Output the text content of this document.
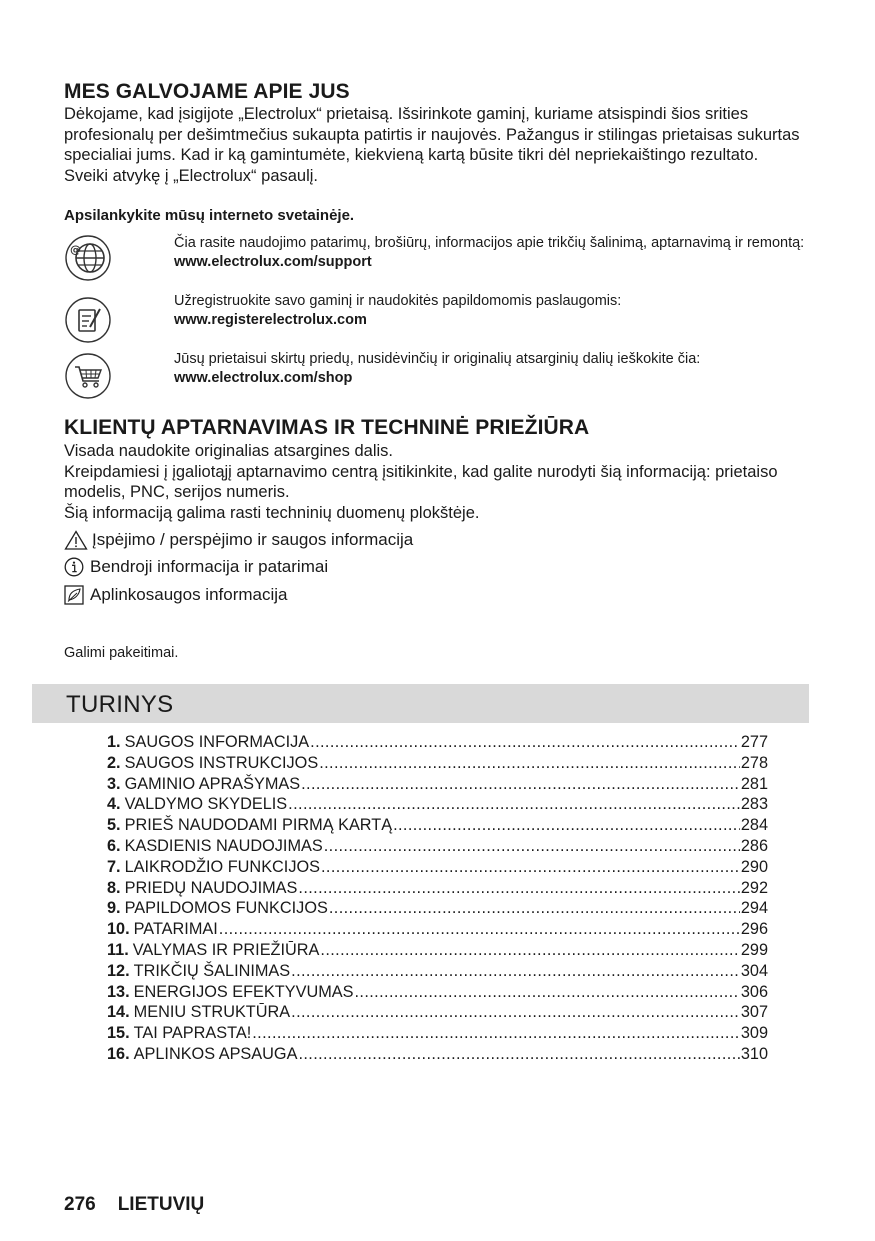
MES GALVOJAME APIE JUS

Dėkojame, kad įsigijote „Electrolux“ prietaisą. Išsirinkote gaminį, kuriame atsispindi šios srities profesionalų per dešimtmečius sukaupta patirtis ir naujovės. Pažangus ir stilingas prietaisas sukurtas specialiai jums. Kad ir ką gamintumėte, kiekvieną kartą būsite tikri dėl nepriekaištingo rezultato.

Sveiki atvykę į „Electrolux“ pasaulį.

Apsilankykite mūsų interneto svetainėje.
@	Čia rasite naudojimo patarimų, brošiūrų, informacijos apie trikčių šalinimą, aptarnavimą ir remontą:
www.electrolux.com/support
Užregistruokite savo gaminį ir naudokitės papildomomis paslaugomis:
www.registerelectrolux.com
Jūsų prietaisui skirtų priedų, nusidėvinčių ir originalių atsarginių dalių ieškokite čia:
www.electrolux.com/shop
KLIENTŲ APTARNAVIMAS IR TECHNINĖ PRIEŽIŪRA

Visada naudokite originalias atsargines dalis.

Kreipdamiesi į įgaliotąjį aptarnavimo centrą įsitikinkite, kad galite nurodyti šią informaciją: prietaiso modelis, PNC, serijos numeris.

Šią informaciją galima rasti techninių duomenų plokštėje.

Įspėjimo / perspėjimo ir saugos informacija
Bendroji informacija ir patarimai
Aplinkosaugos informacija
Galimi pakeitimai.
TURINYS
1. SAUGOS INFORMACIJA .....	277
2. SAUGOS INSTRUKCIJOS .....	278
3. GAMINIO APRAŠYMAS .....	281
4. VALDYMO SKYDELIS .....	283
5. PRIEŠ NAUDODAMI PIRMĄ KARTĄ .....	284
6. KASDIENIS NAUDOJIMAS .....	286
7. LAIKRODŽIO FUNKCIJOS .....	290
8. PRIEDŲ NAUDOJIMAS .....	292
9. PAPILDOMOS FUNKCIJOS .....	294
10. PATARIMAI .....	296
11. VALYMAS IR PRIEŽIŪRA .....	299
12. TRIKČIŲ ŠALINIMAS .....	304
13. ENERGIJOS EFEKTYVUMAS .....	306
14. MENIU STRUKTŪRA .....	307
15. TAI PAPRASTA! .....	309
16. APLINKOS APSAUGA .....	310
276 LIETUVIŲ
